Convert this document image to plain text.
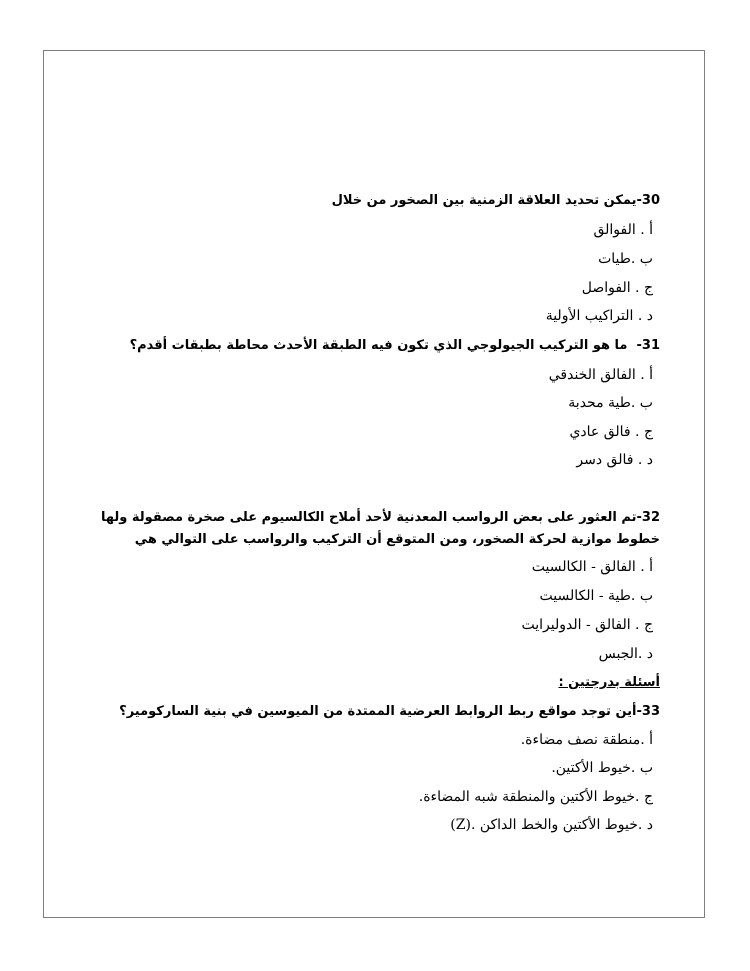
30-يمكن تحديد العلاقة الزمنية بين الصخور من خلال
أ . الفوالق
ب .طيات
ج . الفواصل
د . التراكيب الأولية
31-  ما هو التركيب الجيولوجي الذي تكون فيه الطبقة الأحدث محاطة بطبقات أقدم؟
أ . الفالق الخندقي
ب .طية محدبة
ج . فالق عادي
د . فالق دسر
32-تم العثور على بعض الرواسب المعدنية لأحد أملاح الكالسيوم على صخرة مصقولة ولها
خطوط موازية لحركة الصخور، ومن المتوقع أن التركيب والرواسب على التوالي هي
أ . الفالق - الكالسيت
ب .طية - الكالسيت
ج . الفالق - الدوليرايت
د .الجبس
أسئلة بدرجتين :
33-أين توجد مواقع ربط الروابط العرضية الممتدة من الميوسين في بنية الساركومير؟
أ .منطقة نصف مضاءة.
ب .خيوط الأكتين.
ج .خيوط الأكتين والمنطقة شبه المضاءة.
د .خيوط الأكتين والخط الداكن .(Z)
